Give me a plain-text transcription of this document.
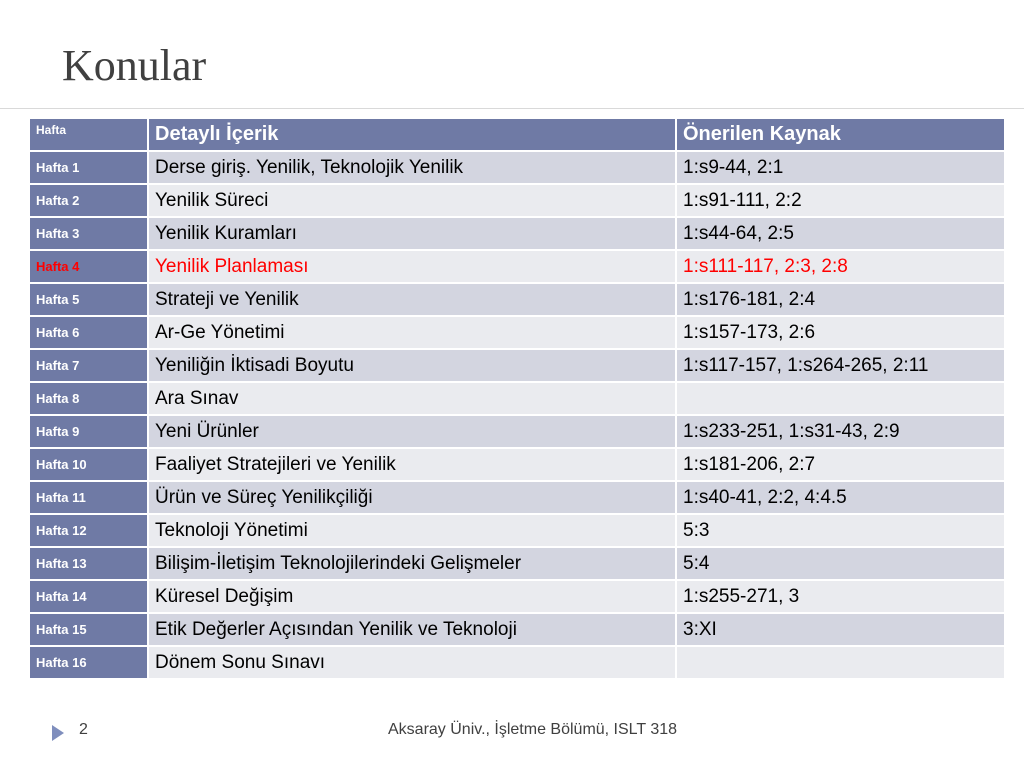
Konular
Hafta	Detaylı İçerik	Önerilen Kaynak
Hafta 1	Derse giriş. Yenilik, Teknolojik Yenilik	1:s9-44, 2:1
Hafta 2	Yenilik Süreci	1:s91-111, 2:2
Hafta 3	Yenilik Kuramları	1:s44-64, 2:5
Hafta 4	Yenilik Planlaması	1:s111-117, 2:3, 2:8
Hafta 5	Strateji ve Yenilik	1:s176-181, 2:4
Hafta 6	Ar-Ge Yönetimi	1:s157-173, 2:6
Hafta 7	Yeniliğin İktisadi Boyutu	1:s117-157, 1:s264-265, 2:11
Hafta 8	Ara Sınav	
Hafta 9	Yeni Ürünler	1:s233-251, 1:s31-43, 2:9
Hafta 10	Faaliyet Stratejileri ve Yenilik	1:s181-206, 2:7
Hafta 11	Ürün ve Süreç Yenilikçiliği	1:s40-41, 2:2, 4:4.5
Hafta 12	Teknoloji Yönetimi	5:3
Hafta 13	Bilişim-İletişim Teknolojilerindeki Gelişmeler	5:4
Hafta 14	Küresel Değişim	1:s255-271, 3
Hafta 15	Etik Değerler Açısından Yenilik ve Teknoloji	3:XI
Hafta 16	Dönem Sonu Sınavı	
2	Aksaray Üniv., İşletme Bölümü, ISLT 318
